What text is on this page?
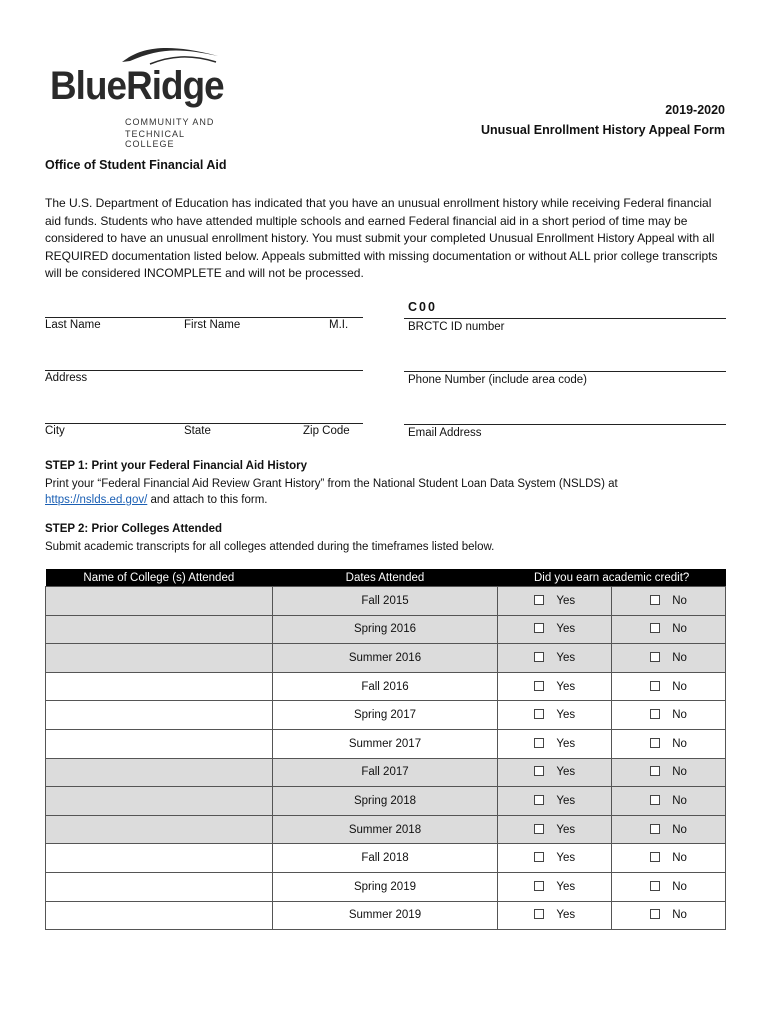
BlueRidge
COMMUNITY AND
TECHNICAL COLLEGE
2019-2020
Unusual Enrollment History Appeal Form
Office of Student Financial Aid
The U.S. Department of Education has indicated that you have an unusual enrollment history while receiving Federal financial aid funds. Students who have attended multiple schools and earned Federal financial aid in a short period of time may be considered to have an unusual enrollment history. You must submit your completed Unusual Enrollment History Appeal with all REQUIRED documentation listed below. Appeals submitted with missing documentation or without ALL prior college transcripts will be considered INCOMPLETE and will not be processed.
C00
Last Name	First Name	M.I.	BRCTC ID number
Address	Phone Number (include area code)
City	State	Zip Code	Email Address
STEP 1: Print your Federal Financial Aid History
Print your “Federal Financial Aid Review Grant History” from the National Student Loan Data System (NSLDS) at
https://nslds.ed.gov/ and attach to this form.
STEP 2: Prior Colleges Attended
Submit academic transcripts for all colleges attended during the timeframes listed below.
Name of College (s) Attended	Dates Attended	Did you earn academic credit?	
	Fall 2015	Yes	No
	Spring 2016	Yes	No
	Summer 2016	Yes	No
	Fall 2016	Yes	No
	Spring 2017	Yes	No
	Summer 2017	Yes	No
	Fall 2017	Yes	No
	Spring 2018	Yes	No
	Summer 2018	Yes	No
	Fall 2018	Yes	No
	Spring 2019	Yes	No
	Summer 2019	Yes	No
